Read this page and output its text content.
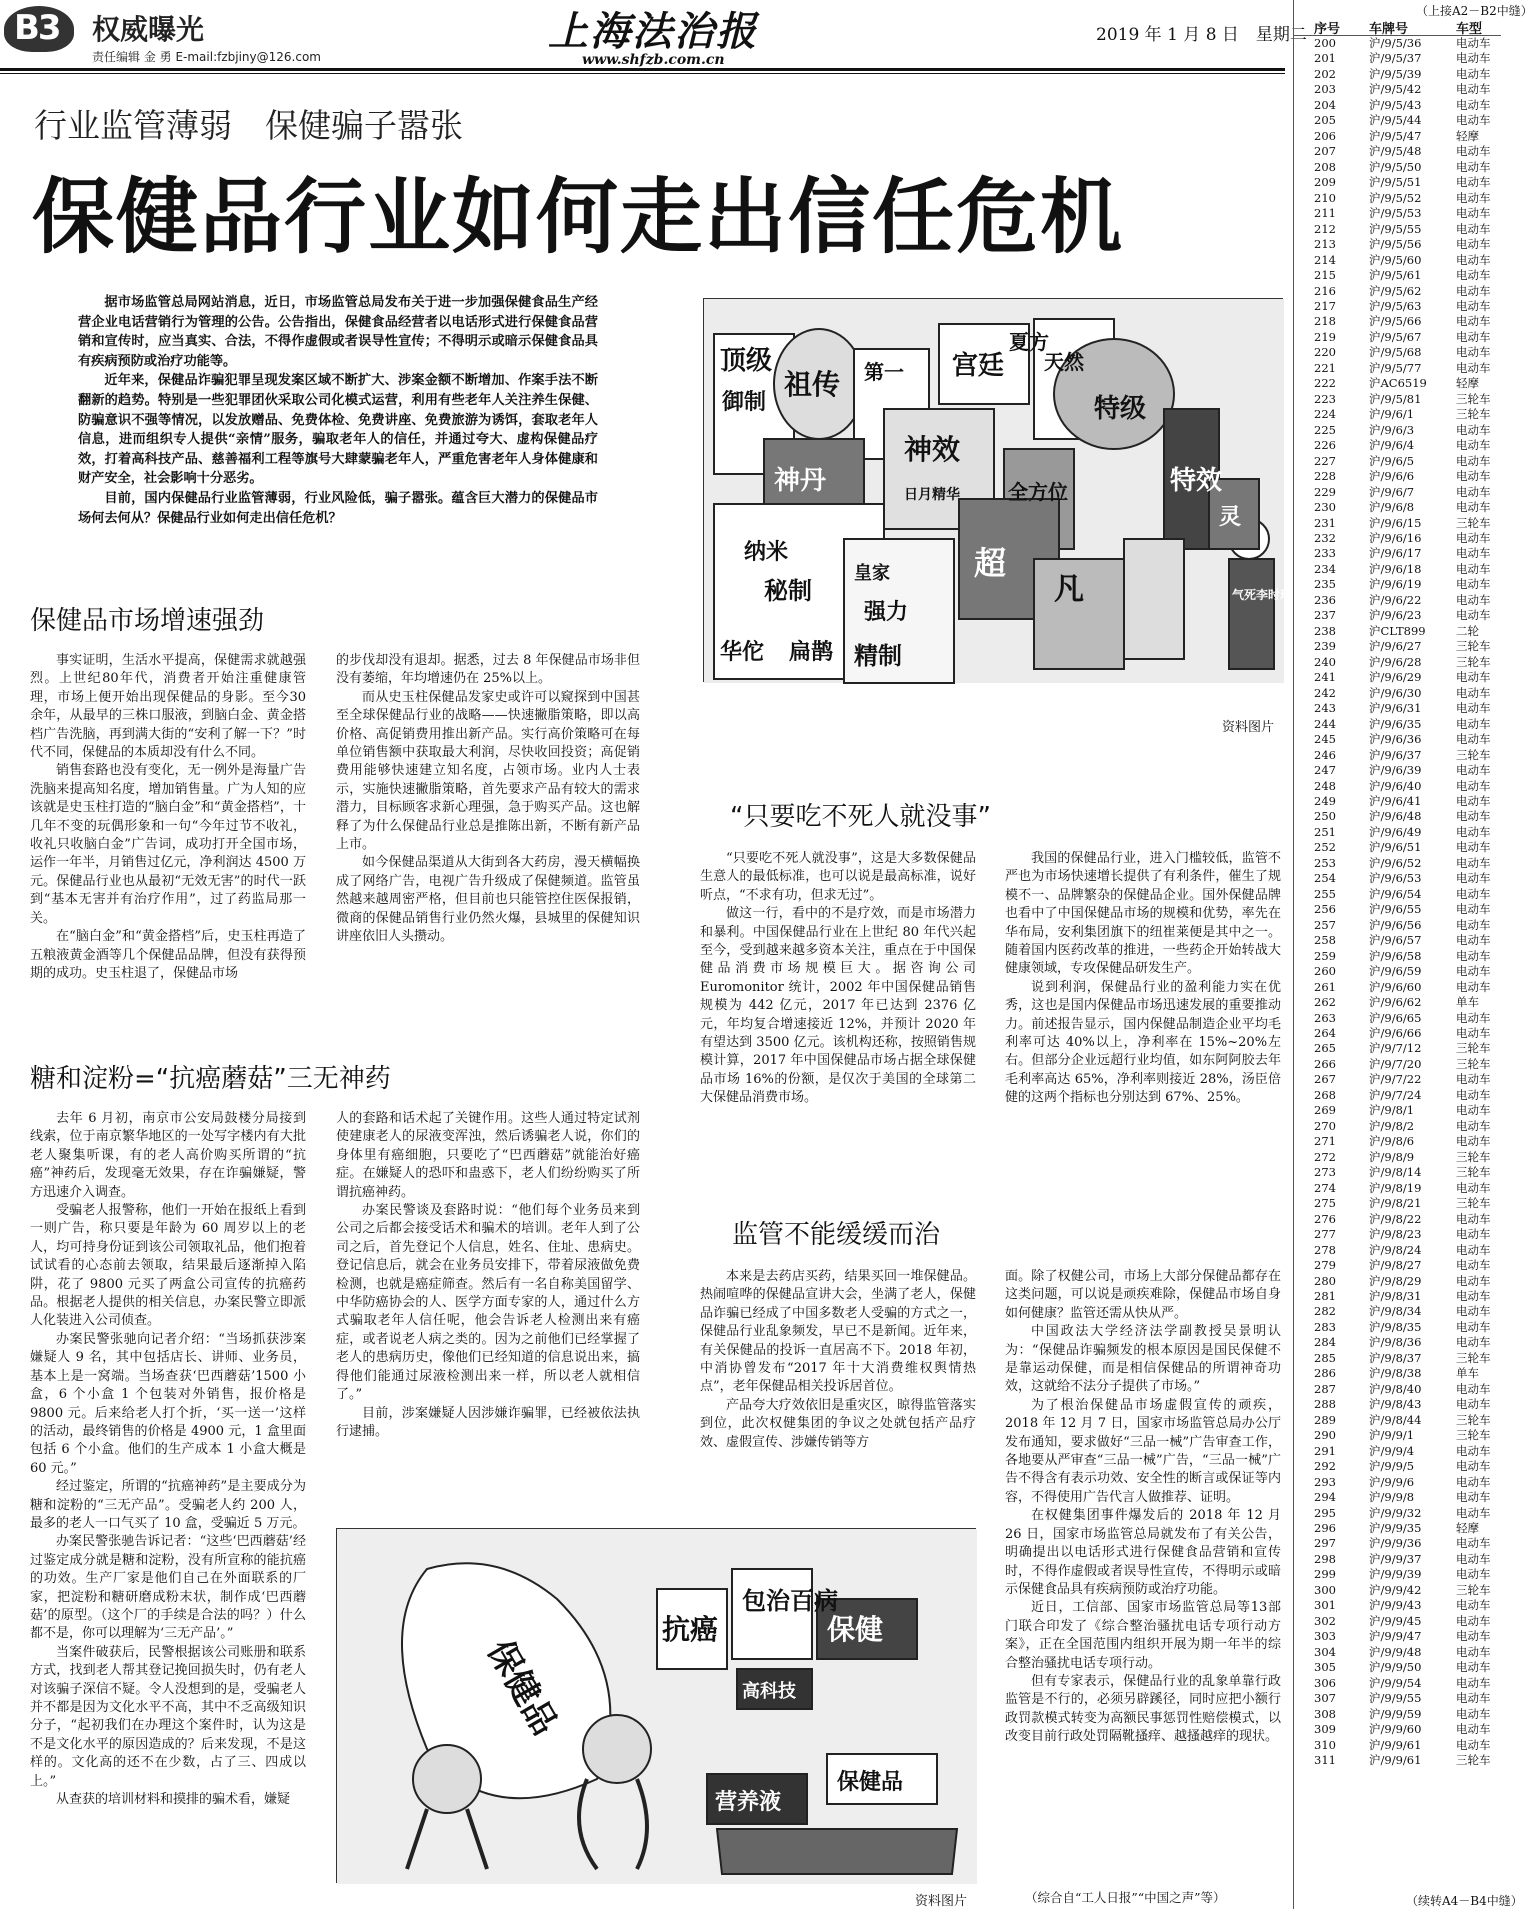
B3 权威曝光
责任编辑 金 勇 E-mail:fzbjiny@126.com
上海法治报
www.shfzb.com.cn
2019 年 1 月 8 日　星期二
行业监管薄弱　保健骗子嚣张
保健品行业如何走出信任危机

据市场监管总局网站消息，近日，市场监管总局发布关于进一步加强保健食品生产经营企业电话营销行为管理的公告。公告指出，保健食品经营者以电话形式进行保健食品营销和宣传时，应当真实、合法，不得作虚假或者误导性宣传；不得明示或暗示保健食品具有疾病预防或治疗功能等。

近年来，保健品诈骗犯罪呈现发案区域不断扩大、涉案金额不断增加、作案手法不断翻新的趋势。特别是一些犯罪团伙采取公司化模式运营，利用有些老年人关注养生保健、防骗意识不强等情况，以发放赠品、免费体检、免费讲座、免费旅游为诱饵，套取老年人信息，进而组织专人提供“亲情”服务，骗取老年人的信任，并通过夸大、虚构保健品疗效，打着高科技产品、慈善福利工程等旗号大肆蒙骗老年人，严重危害老年人身体健康和财产安全，社会影响十分恶劣。

目前，国内保健品行业监管薄弱，行业风险低，骗子嚣张。蕴含巨大潜力的保健品市场何去何从？保健品行业如何走出信任危机？

顶级
御制
祖传 第一 宫廷 天然
夏方
特级
神丹
神效
日月精华 全方位	特效
灵
纳米
秘制
皇家
强力
精制
超
凡
华佗 扁鹊
气死李时珍
资料图片
保健品市场增速强劲

事实证明，生活水平提高，保健需求就越强烈。上世纪80年代，消费者开始注重健康管理，市场上便开始出现保健品的身影。至今30余年，从最早的三株口服液，到脑白金、黄金搭档广告洗脑，再到满大街的“安利了解一下？”时代不同，保健品的本质却没有什么不同。

销售套路也没有变化，无一例外是海量广告洗脑来提高知名度，增加销售量。广为人知的应该就是史玉柱打造的“脑白金”和“黄金搭档”，十几年不变的玩偶形象和一句“今年过节不收礼，收礼只收脑白金”广告词，成功打开全国市场，运作一年半，月销售过亿元，净利润达 4500 万元。保健品行业也从最初“无效无害”的时代一跃到“基本无害并有治疗作用”，过了药监局那一关。

在“脑白金”和“黄金搭档”后，史玉柱再造了五粮液黄金酒等几个保健品品牌，但没有获得预期的成功。史玉柱退了，保健品市场

的步伐却没有退却。据悉，过去 8 年保健品市场非但没有萎缩，年均增速仍在 25%以上。

而从史玉柱保健品发家史或许可以窥探到中国甚至全球保健品行业的战略——快速撇脂策略，即以高价格、高促销费用推出新产品。实行高价策略可在每单位销售额中获取最大利润，尽快收回投资；高促销费用能够快速建立知名度，占领市场。业内人士表示，实施快速撇脂策略，首先要求产品有较大的需求潜力，目标顾客求新心理强，急于购买产品。这也解释了为什么保健品行业总是推陈出新，不断有新产品上市。

如今保健品渠道从大街到各大药房，漫天横幅换成了网络广告，电视广告升级成了保健频道。监管虽然越来越周密严格，但目前也只能管控住医保报销，微商的保健品销售行业仍然火爆，县城里的保健知识讲座依旧人头攒动。

“只要吃不死人就没事”

“只要吃不死人就没事”，这是大多数保健品生意人的最低标准，也可以说是最高标准，说好听点，“不求有功，但求无过”。

做这一行，看中的不是疗效，而是市场潜力和暴利。中国保健品行业在上世纪 80 年代兴起至今，受到越来越多资本关注，重点在于中国保健品消费市场规模巨大。据咨询公司 Euromonitor 统计，2002 年中国保健品销售规模为 442 亿元，2017 年已达到 2376 亿元，年均复合增速接近 12%，并预计 2020 年有望达到 3500 亿元。该机构还称，按照销售规模计算，2017 年中国保健品市场占据全球保健品市场 16%的份额，是仅次于美国的全球第二大保健品消费市场。

我国的保健品行业，进入门槛较低，监管不严也为市场快速增长提供了有利条件，催生了规模不一、品牌繁杂的保健品企业。国外保健品牌也看中了中国保健品市场的规模和优势，率先在华布局，安利集团旗下的纽崔莱便是其中之一。随着国内医药改革的推进，一些药企开始转战大健康领域，专攻保健品研发生产。

说到利润，保健品行业的盈利能力实在优秀，这也是国内保健品市场迅速发展的重要推动力。前述报告显示，国内保健品制造企业平均毛利率可达 40%以上，净利率在 15%~20%左右。但部分企业远超行业均值，如东阿阿胶去年毛利率高达 65%，净利率则接近 28%，汤臣倍健的这两个指标也分别达到 67%、25%。

糖和淀粉=“抗癌蘑菇”三无神药

去年 6 月初，南京市公安局鼓楼分局接到线索，位于南京繁华地区的一处写字楼内有大批老人聚集听课，有的老人高价购买所谓的“抗癌”神药后，发现毫无效果，存在诈骗嫌疑，警方迅速介入调查。

受骗老人报警称，他们一开始在报纸上看到一则广告，称只要是年龄为 60 周岁以上的老人，均可持身份证到该公司领取礼品，他们抱着试试看的心态前去领取，结果最后逐渐掉入陷阱，花了 9800 元买了两盒公司宣传的抗癌药品。根据老人提供的相关信息，办案民警立即派人化装进入公司侦查。

办案民警张驰向记者介绍：“当场抓获涉案嫌疑人 9 名，其中包括店长、讲师、业务员，基本上是一窝端。当场查获‘巴西蘑菇’1500 小盒，6 个小盒 1 个包装对外销售，报价格是 9800 元。后来给老人打个折，‘买一送一’这样的活动，最终销售的价格是 4900 元，1 盒里面包括 6 个小盒。他们的生产成本 1 小盒大概是 60 元。”

经过鉴定，所谓的“抗癌神药”是主要成分为糖和淀粉的“三无产品”。受骗老人约 200 人，最多的老人一口气买了 10 盒，受骗近 5 万元。

办案民警张驰告诉记者：“这些‘巴西蘑菇’经过鉴定成分就是糖和淀粉，没有所宣称的能抗癌的功效。生产厂家是他们自己在外面联系的厂家，把淀粉和糖研磨成粉末状，制作成‘巴西蘑菇’的原型。（这个厂的手续是合法的吗？）什么都不是，你可以理解为‘三无产品’。”

当案件破获后，民警根据该公司账册和联系方式，找到老人帮其登记挽回损失时，仍有老人对该骗子深信不疑。令人没想到的是，受骗老人并不都是因为文化水平不高，其中不乏高级知识分子，“起初我们在办理这个案件时，认为这是不是文化水平的原因造成的？后来发现，不是这样的。文化高的还不在少数，占了三、四成以上。”

从查获的培训材料和摸排的骗术看，嫌疑

人的套路和话术起了关键作用。这些人通过特定试剂使建康老人的尿液变浑浊，然后诱骗老人说，你们的身体里有癌细胞，只要吃了“巴西蘑菇”就能治好癌症。在嫌疑人的恐吓和蛊惑下，老人们纷纷购买了所谓抗癌神药。

办案民警谈及套路时说：“他们每个业务员来到公司之后都会接受话术和骗术的培训。老年人到了公司之后，首先登记个人信息，姓名、住址、患病史。登记信息后，就会在业务员安排下，带着尿液做免费检测，也就是癌症筛查。然后有一名自称美国留学、中华防癌协会的人、医学方面专家的人，通过什么方式骗取老年人信任呢，他会告诉老人检测出来有癌症，或者说老人病之类的。因为之前他们已经掌握了老人的患病历史，像他们已经知道的信息说出来，搞得他们能通过尿液检测出来一样，所以老人就相信了。”

目前，涉案嫌疑人因涉嫌诈骗罪，已经被依法执行逮捕。

监管不能缓缓而治

本来是去药店买药，结果买回一堆保健品。热闹喧哗的保健品宣讲大会，坐满了老人，保健品诈骗已经成了中国多数老人受骗的方式之一，保健品行业乱象频发，早已不是新闻。近年来，有关保健品的投诉一直居高不下。2018 年初，中消协曾发布“2017 年十大消费维权舆情热点”，老年保健品相关投诉居首位。

产品夸大疗效依旧是重灾区，晾得监管落实到位，此次权健集团的争议之处就包括产品疗效、虚假宣传、涉嫌传销等方

面。除了权健公司，市场上大部分保健品都存在这类问题，可以说是顽疾难除，保健品市场自身如何健康？监管还需从快从严。

中国政法大学经济法学副教授吴景明认为：“保健品诈骗频发的根本原因是国民保健不是靠运动保健，而是相信保健品的所谓神奇功效，这就给不法分子提供了市场。”

为了根治保健品市场虚假宣传的顽疾，2018 年 12 月 7 日，国家市场监管总局办公厅发布通知，要求做好“三品一械”广告审查工作，各地要从严审查“三品一械”广告，“三品一械”广告不得含有表示功效、安全性的断言或保证等内容，不得使用广告代言人做推荐、证明。

在权健集团事件爆发后的 2018 年 12 月 26 日，国家市场监管总局就发布了有关公告，明确提出以电话形式进行保健食品营销和宣传时，不得作虚假或者误导性宣传，不得明示或暗示保健食品具有疾病预防或治疗功能。

近日，工信部、国家市场监管总局等13部门联合印发了《综合整治骚扰电话专项行动方案》，正在全国范围内组织开展为期一年半的综合整治骚扰电话专项行动。

但有专家表示，保健品行业的乱象单靠行政监管是不行的，必须另辟蹊径，同时应把小额行政罚款模式转变为高额民事惩罚性赔偿模式，以改变目前行政处罚隔靴搔痒、越搔越痒的现状。

保健品
抗癌
包治百病
保健
高科技
营养液
保健品
资料图片	（综合自“工人日报”“中国之声”等）
（上接A2－B2中缝）
序号 车牌号	车型
200	沪/9/5/36	电动车
201	沪/9/5/37	电动车
202	沪/9/5/39	电动车
203	沪/9/5/42	电动车
204	沪/9/5/43	电动车
205	沪/9/5/44	电动车
206	沪/9/5/47	轻摩
207	沪/9/5/48	电动车
208	沪/9/5/50	电动车
209	沪/9/5/51	电动车
210	沪/9/5/52	电动车
211	沪/9/5/53	电动车
212	沪/9/5/55	电动车
213	沪/9/5/56	电动车
214	沪/9/5/60	电动车
215	沪/9/5/61	电动车
216	沪/9/5/62	电动车
217	沪/9/5/63	电动车
218	沪/9/5/66	电动车
219	沪/9/5/67	电动车
220	沪/9/5/68	电动车
221	沪/9/5/77	电动车
222	沪AC6519	轻摩
223	沪/9/5/81	三轮车
224	沪/9/6/1	三轮车
225	沪/9/6/3	电动车
226	沪/9/6/4	电动车
227	沪/9/6/5	电动车
228	沪/9/6/6	电动车
229	沪/9/6/7	电动车
230	沪/9/6/8	电动车
231	沪/9/6/15	三轮车
232	沪/9/6/16	电动车
233	沪/9/6/17	电动车
234	沪/9/6/18	电动车
235	沪/9/6/19	电动车
236	沪/9/6/22	电动车
237	沪/9/6/23	电动车
238	沪CLT899	二轮
239	沪/9/6/27	三轮车
240	沪/9/6/28	三轮车
241	沪/9/6/29	电动车
242	沪/9/6/30	电动车
243	沪/9/6/31	电动车
244	沪/9/6/35	电动车
245	沪/9/6/36	电动车
246	沪/9/6/37	三轮车
247	沪/9/6/39	电动车
248	沪/9/6/40	电动车
249	沪/9/6/41	电动车
250	沪/9/6/48	电动车
251	沪/9/6/49	电动车
252	沪/9/6/51	电动车
253	沪/9/6/52	电动车
254	沪/9/6/53	电动车
255	沪/9/6/54	电动车
256	沪/9/6/55	电动车
257	沪/9/6/56	电动车
258	沪/9/6/57	电动车
259	沪/9/6/58	电动车
260	沪/9/6/59	电动车
261	沪/9/6/60	电动车
262	沪/9/6/62	单车
263	沪/9/6/65	电动车
264	沪/9/6/66	电动车
265	沪/9/7/12	三轮车
266	沪/9/7/20	三轮车
267	沪/9/7/22	电动车
268	沪/9/7/24	电动车
269	沪/9/8/1	电动车
270	沪/9/8/2	电动车
271	沪/9/8/6	电动车
272	沪/9/8/9	三轮车
273	沪/9/8/14	三轮车
274	沪/9/8/19	电动车
275	沪/9/8/21	三轮车
276	沪/9/8/22	电动车
277	沪/9/8/23	电动车
278	沪/9/8/24	电动车
279	沪/9/8/27	电动车
280	沪/9/8/29	电动车
281	沪/9/8/31	电动车
282	沪/9/8/34	电动车
283	沪/9/8/35	电动车
284	沪/9/8/36	电动车
285	沪/9/8/37	三轮车
286	沪/9/8/38	单车
287	沪/9/8/40	电动车
288	沪/9/8/43	电动车
289	沪/9/8/44	三轮车
290	沪/9/9/1	三轮车
291	沪/9/9/4	电动车
292	沪/9/9/5	电动车
293	沪/9/9/6	电动车
294	沪/9/9/8	电动车
295	沪/9/9/32	电动车
296	沪/9/9/35	轻摩
297	沪/9/9/36	电动车
298	沪/9/9/37	电动车
299	沪/9/9/39	电动车
300	沪/9/9/42	三轮车
301	沪/9/9/43	电动车
302	沪/9/9/45	电动车
303	沪/9/9/47	电动车
304	沪/9/9/48	电动车
305	沪/9/9/50	电动车
306	沪/9/9/54	电动车
307	沪/9/9/55	电动车
308	沪/9/9/59	电动车
309	沪/9/9/60	电动车
310	沪/9/9/61	电动车
311	沪/9/9/61	三轮车
（续转A4－B4中缝）
